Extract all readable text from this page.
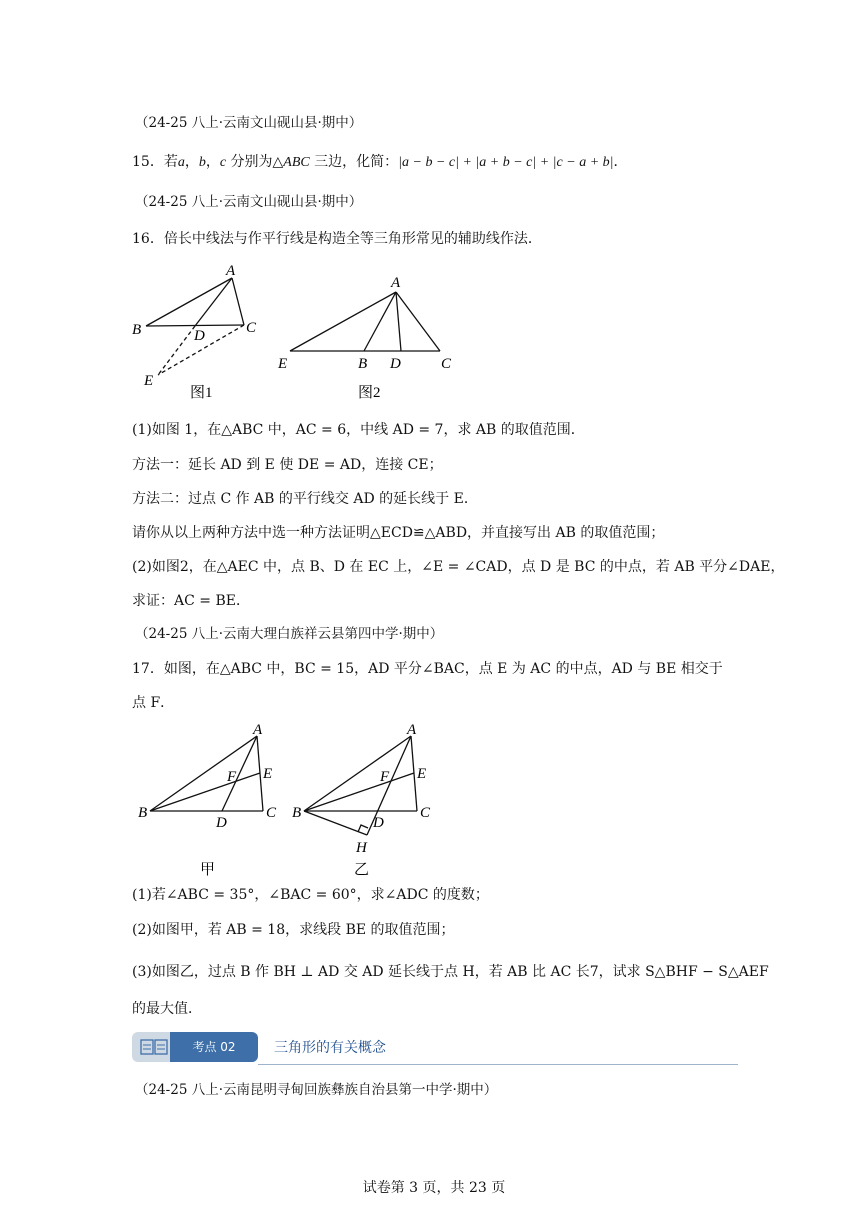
（24-25 八上·云南文山砚山县·期中）
15．若a，b，c 分别为△ABC 三边，化简：|a − b − c| + |a + b − c| + |c − a + b|．
（24-25 八上·云南文山砚山县·期中）
16．倍长中线法与作平行线是构造全等三角形常见的辅助线作法．
A
B	C
D
E
图1
A
E	B D	C
图2
(1)如图 1，在△ABC 中，AC = 6，中线 AD = 7，求 AB 的取值范围．
方法一：延长 AD 到 E 使 DE = AD，连接 CE；
方法二：过点 C 作 AB 的平行线交 AD 的延长线于 E．
请你从以上两种方法中选一种方法证明△ECD≌△ABD，并直接写出 AB 的取值范围；
(2)如图2，在△AEC 中，点 B、D 在 EC 上，∠E = ∠CAD，点 D 是 BC 的中点，若 AB 平分∠DAE，
求证：AC = BE．
（24-25 八上·云南大理白族祥云县第四中学·期中）
17．如图，在△ABC 中，BC = 15，AD 平分∠BAC，点 E 为 AC 的中点，AD 与 BE 相交于
点 F．
A
B	C
D
E
F
甲
A
B	C
D
E
F
H
乙
(1)若∠ABC = 35°，∠BAC = 60°，求∠ADC 的度数；
(2)如图甲，若 AB = 18，求线段 BE 的取值范围；
(3)如图乙，过点 B 作 BH ⊥ AD 交 AD 延长线于点 H，若 AB 比 AC 长7，试求 S△BHF − S△AEF
的最大值．
考点 02	三角形的有关概念
（24-25 八上·云南昆明寻甸回族彝族自治县第一中学·期中）
试卷第 3 页，共 23 页
